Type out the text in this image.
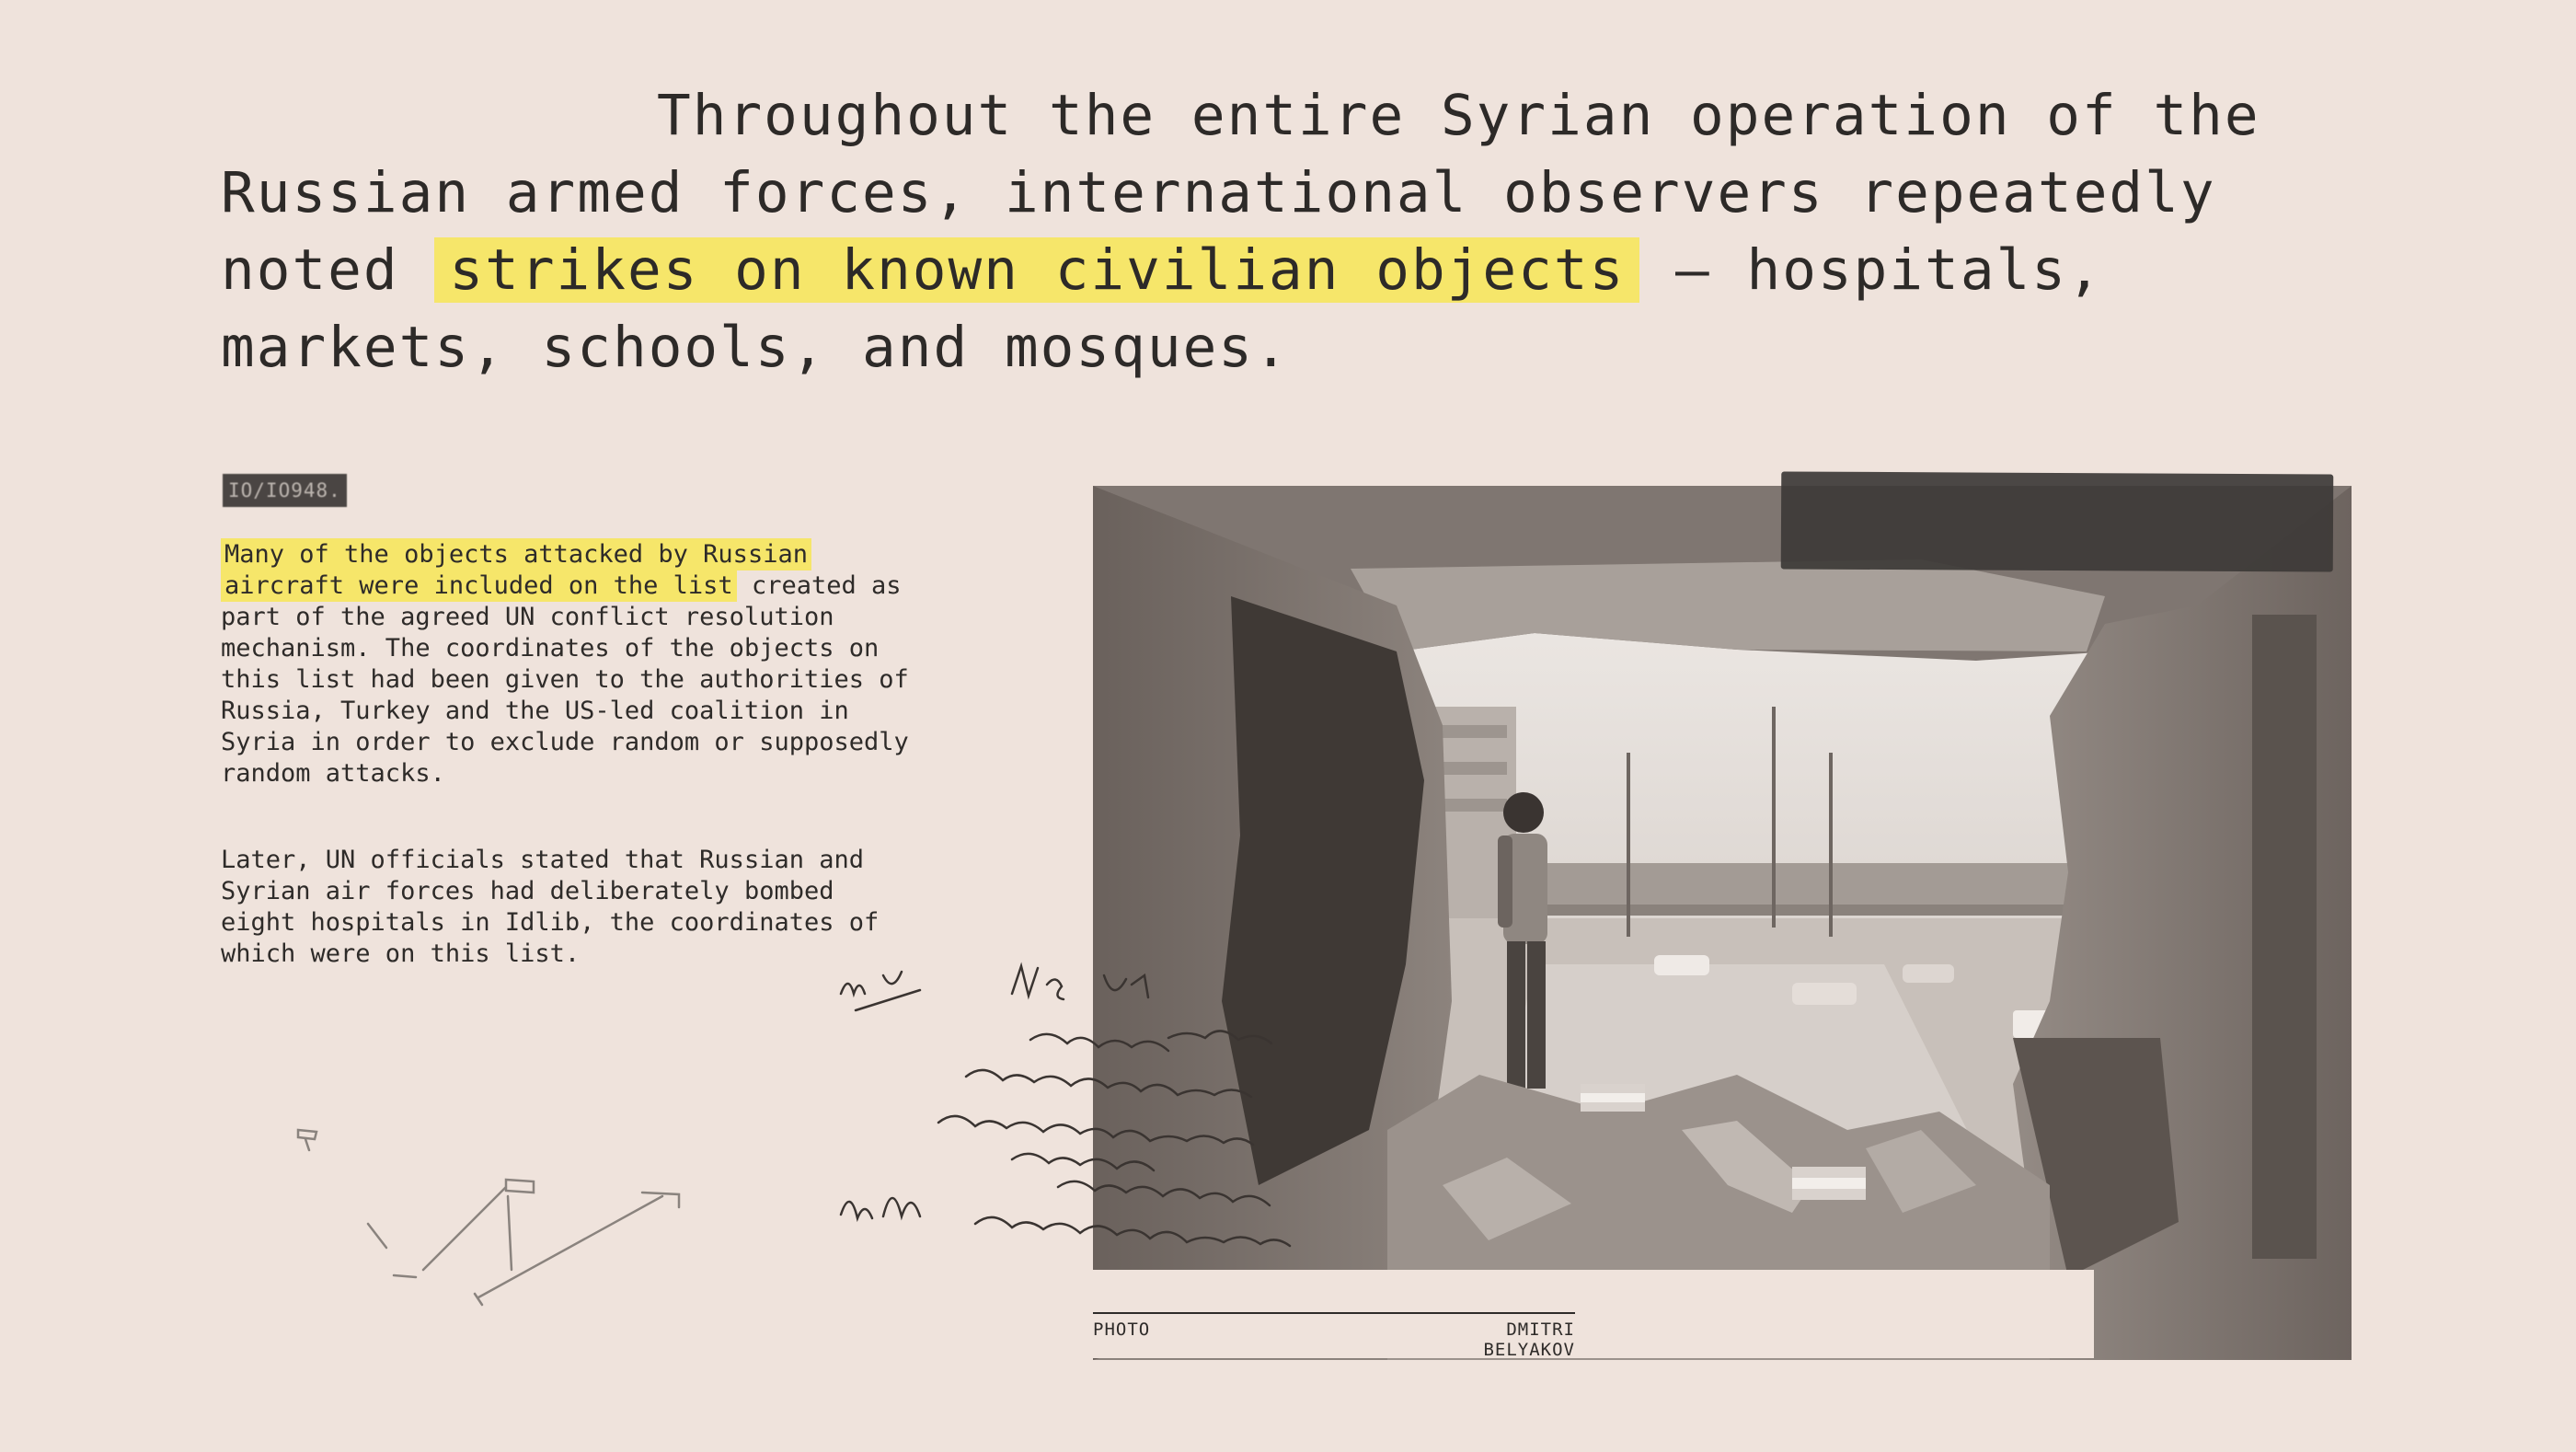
Throughout the entire Syrian operation of the Russian armed forces, international observers repeatedly noted strikes on known civilian objects – hospitals, markets, schools, and mosques.
IO/IO948.

Many of the objects attacked by Russian aircraft were included on the list created as part of the agreed UN conflict resolution mechanism. The coordinates of the objects on this list had been given to the authorities of Russia, Turkey and the US-led coalition in Syria in order to exclude random or supposedly random attacks.

Later, UN officials stated that Russian and Syrian air forces had deliberately bombed eight hospitals in Idlib, the coordinates of which were on this list.

PHOTO	DMITRI BELYAKOV
